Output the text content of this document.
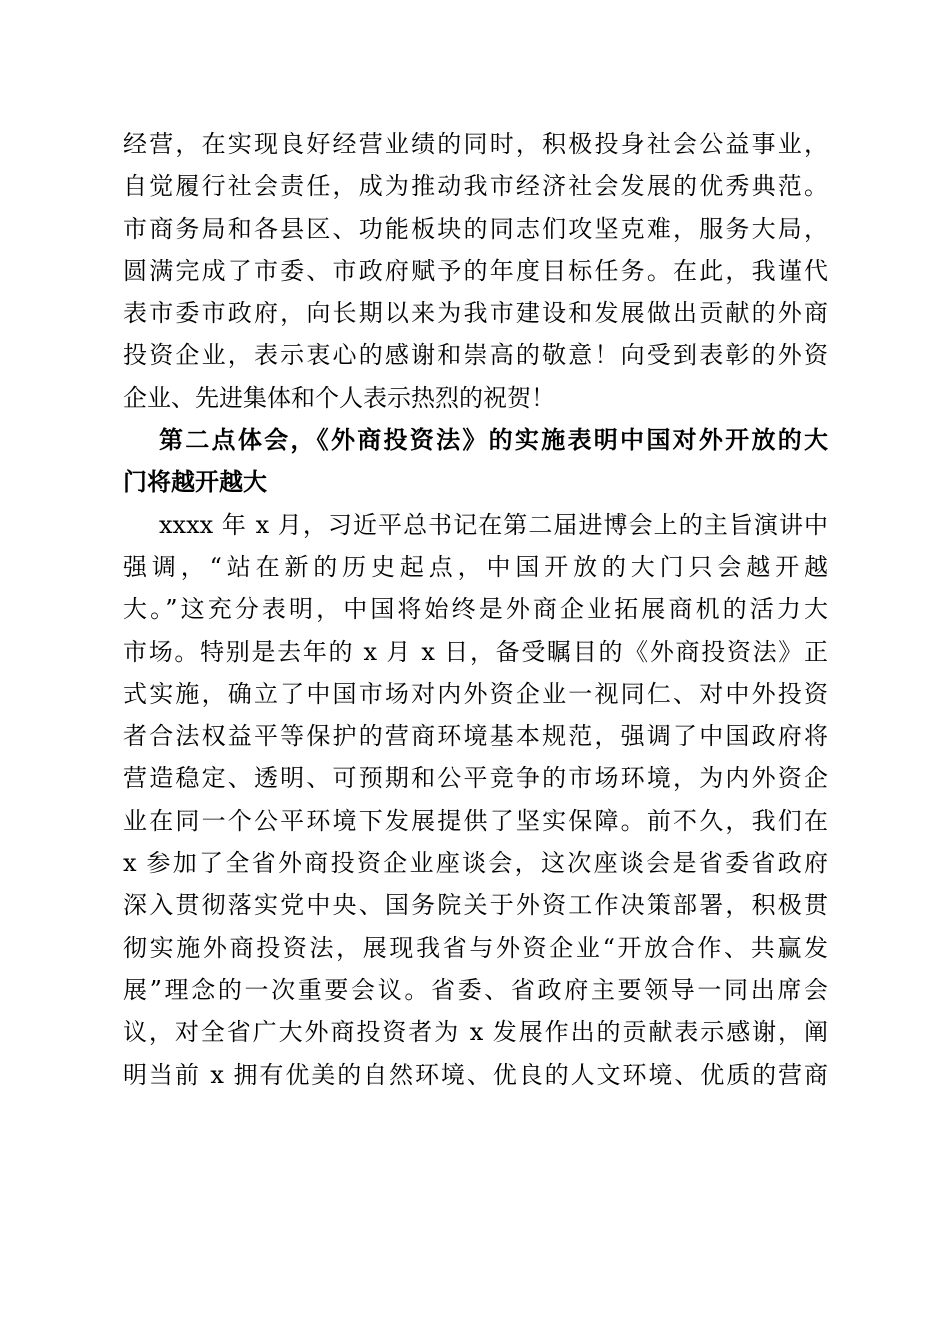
经营，在实现良好经营业绩的同时，积极投身社会公益事业，
自觉履行社会责任，成为推动我市经济社会发展的优秀典范。
市商务局和各县区、功能板块的同志们攻坚克难，服务大局，
圆满完成了市委、市政府赋予的年度目标任务。在此，我谨代
表市委市政府，向长期以来为我市建设和发展做出贡献的外商
投资企业，表示衷心的感谢和崇高的敬意！向受到表彰的外资
企业、先进集体和个人表示热烈的祝贺！
第二点体会，《外商投资法》的实施表明中国对外开放的大
门将越开越大
xxxx 年 x 月，习近平总书记在第二届进博会上的主旨演讲中
强调，“站在新的历史起点，中国开放的大门只会越开越
大。”这充分表明，中国将始终是外商企业拓展商机的活力大
市场。特别是去年的 x 月 x 日，备受瞩目的《外商投资法》正
式实施，确立了中国市场对内外资企业一视同仁、对中外投资
者合法权益平等保护的营商环境基本规范，强调了中国政府将
营造稳定、透明、可预期和公平竞争的市场环境，为内外资企
业在同一个公平环境下发展提供了坚实保障。前不久，我们在
x 参加了全省外商投资企业座谈会，这次座谈会是省委省政府
深入贯彻落实党中央、国务院关于外资工作决策部署，积极贯
彻实施外商投资法，展现我省与外资企业“开放合作、共赢发
展”理念的一次重要会议。省委、省政府主要领导一同出席会
议，对全省广大外商投资者为 x 发展作出的贡献表示感谢，阐
明当前 x 拥有优美的自然环境、优良的人文环境、优质的营商
